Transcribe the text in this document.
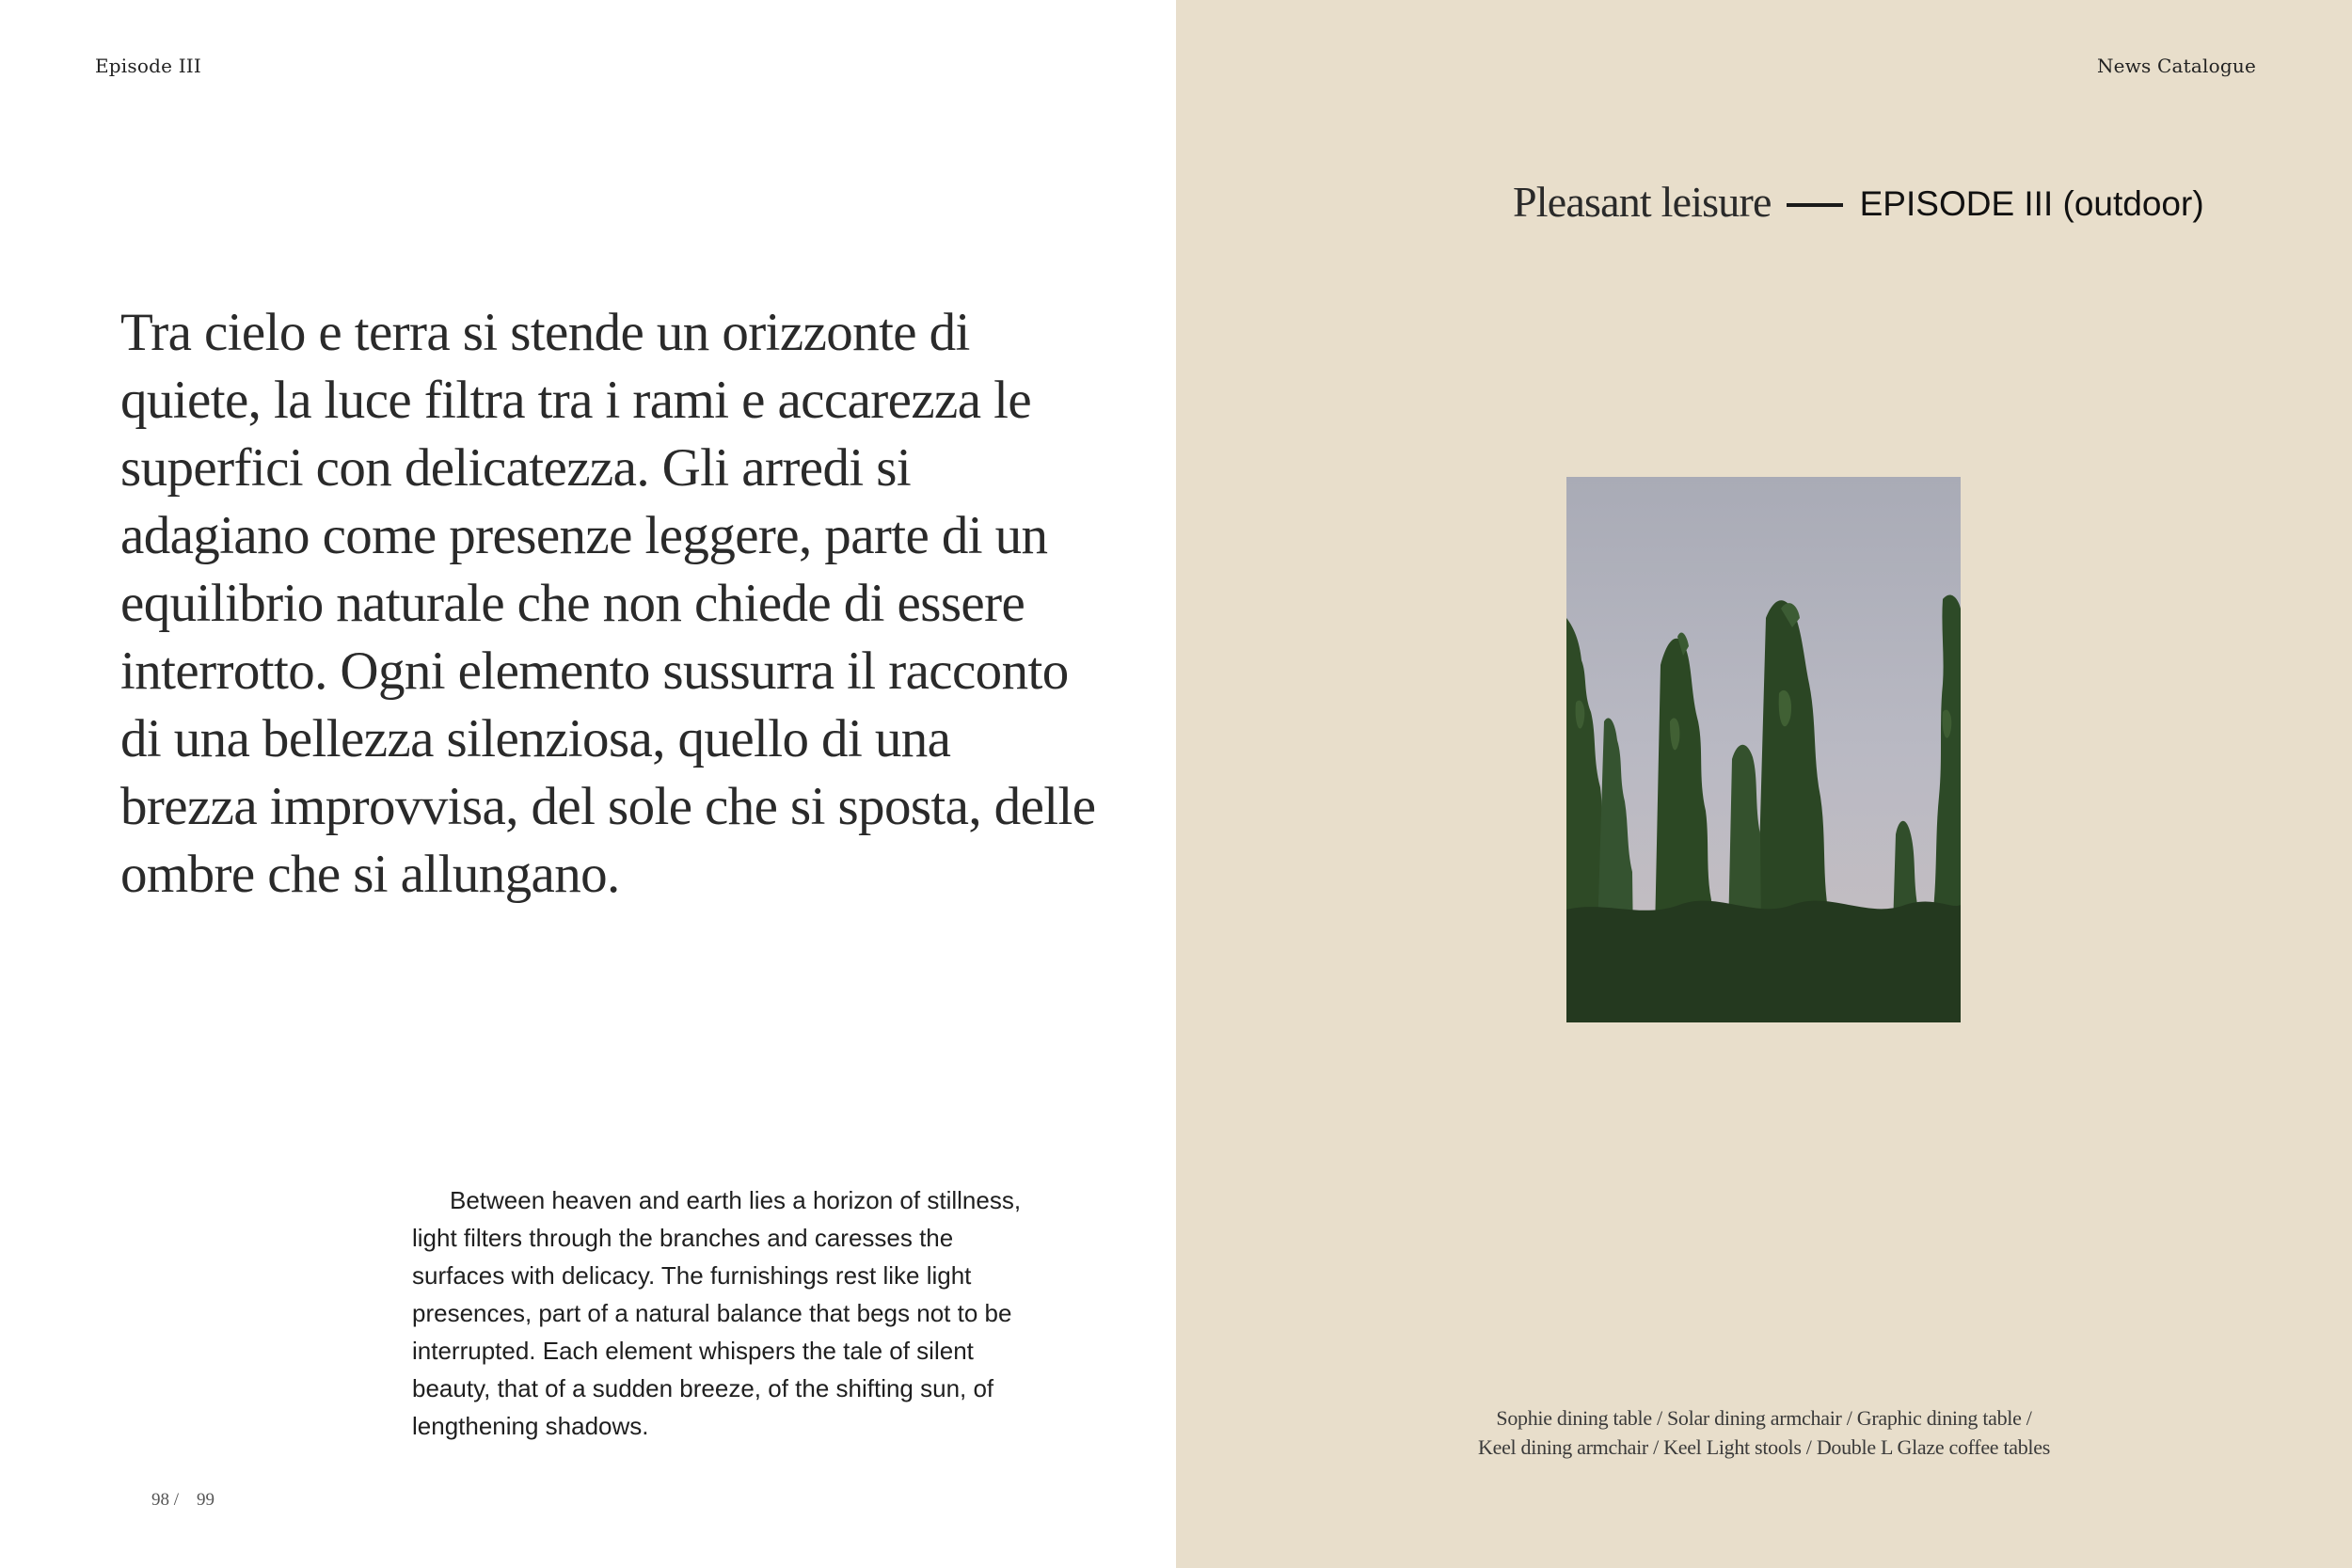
Episode III

Tra cielo e terra si stende un orizzonte di quiete, la luce filtra tra i rami e accarezza le superfici con delicatezza. Gli arredi si adagiano come presenze leggere, parte di un equilibrio naturale che non chiede di essere interrotto. Ogni elemento sussurra il racconto di una bellezza silenziosa, quello di una brezza improvvisa, del sole che si sposta, delle ombre che si allungano.

Between heaven and earth lies a horizon of stillness, light filters through the branches and caresses the surfaces with delicacy. The furnishings rest like light presences, part of a natural balance that begs not to be interrupted. Each element whispers the tale of silent beauty, that of a sudden breeze, of the shifting sun, of lengthening shadows.

98 /    99
News Catalogue
Pleasant leisure	EPISODE III (outdoor)
Sophie dining table / Solar dining armchair / Graphic dining table /
Keel dining armchair / Keel Light stools / Double L Glaze coffee tables
